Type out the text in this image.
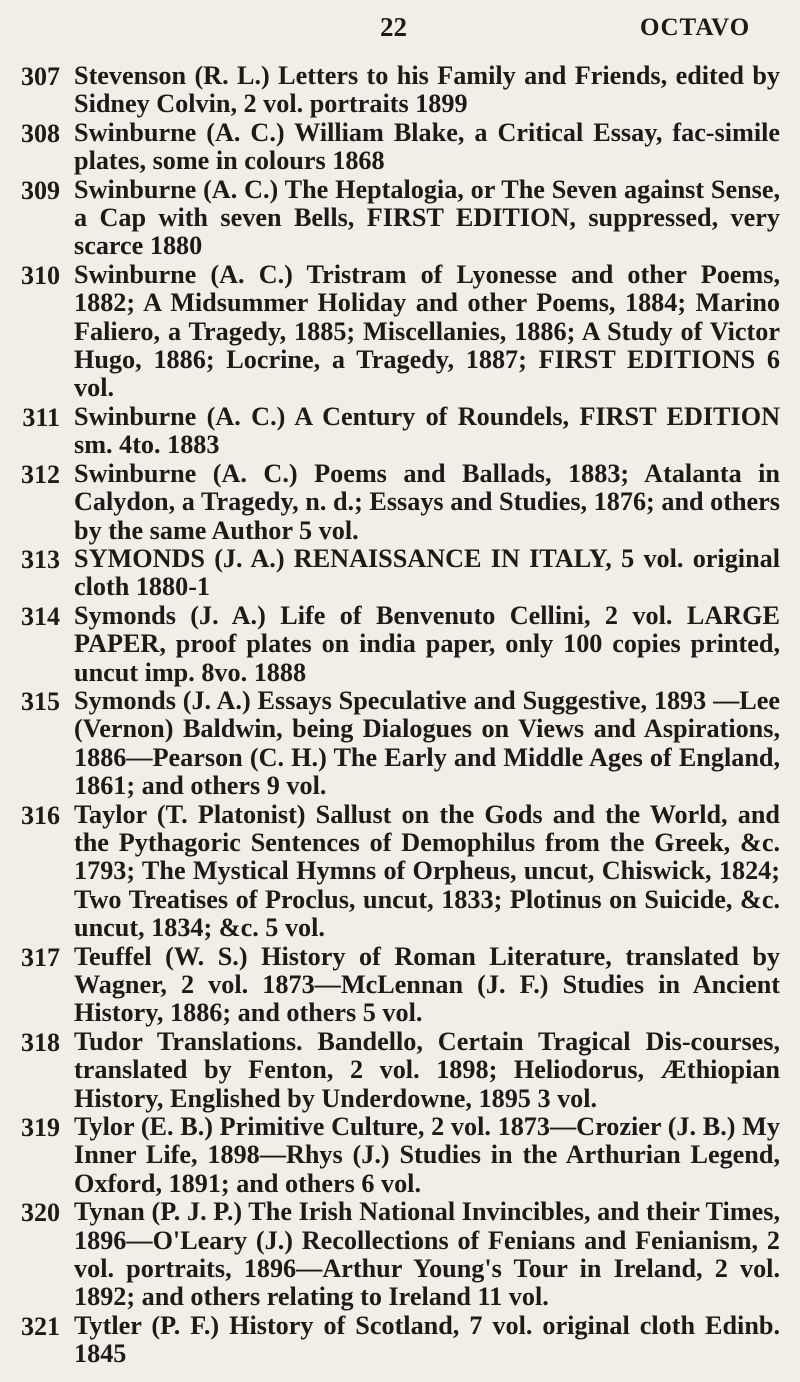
22	OCTAVO
307 Stevenson (R. L.) Letters to his Family and Friends, edited by Sidney Colvin, 2 vol. portraits 1899
308 Swinburne (A. C.) William Blake, a Critical Essay, fac-simile plates, some in colours 1868
309 Swinburne (A. C.) The Heptalogia, or The Seven against Sense, a Cap with seven Bells, FIRST EDITION, suppressed, very scarce 1880
310 Swinburne (A. C.) Tristram of Lyonesse and other Poems, 1882; A Midsummer Holiday and other Poems, 1884; Marino Faliero, a Tragedy, 1885; Miscellanies, 1886; A Study of Victor Hugo, 1886; Locrine, a Tragedy, 1887; FIRST EDITIONS 6 vol.
311 Swinburne (A. C.) A Century of Roundels, FIRST EDITION sm. 4to. 1883
312 Swinburne (A. C.) Poems and Ballads, 1883; Atalanta in Calydon, a Tragedy, n. d.; Essays and Studies, 1876; and others by the same Author 5 vol.
313 SYMONDS (J. A.) RENAISSANCE IN ITALY, 5 vol. original cloth 1880-1
314 Symonds (J. A.) Life of Benvenuto Cellini, 2 vol. LARGE PAPER, proof plates on india paper, only 100 copies printed, uncut imp. 8vo. 1888
315 Symonds (J. A.) Essays Speculative and Suggestive, 1893 —Lee (Vernon) Baldwin, being Dialogues on Views and Aspirations, 1886—Pearson (C. H.) The Early and Middle Ages of England, 1861; and others 9 vol.
316 Taylor (T. Platonist) Sallust on the Gods and the World, and the Pythagoric Sentences of Demophilus from the Greek, &c. 1793; The Mystical Hymns of Orpheus, uncut, Chiswick, 1824; Two Treatises of Proclus, uncut, 1833; Plotinus on Suicide, &c. uncut, 1834; &c. 5 vol.
317 Teuffel (W. S.) History of Roman Literature, translated by Wagner, 2 vol. 1873—McLennan (J. F.) Studies in Ancient History, 1886; and others 5 vol.
318 Tudor Translations. Bandello, Certain Tragical Dis-courses, translated by Fenton, 2 vol. 1898; Heliodorus, Æthiopian History, Englished by Underdowne, 1895 3 vol.
319 Tylor (E. B.) Primitive Culture, 2 vol. 1873—Crozier (J. B.) My Inner Life, 1898—Rhys (J.) Studies in the Arthurian Legend, Oxford, 1891; and others 6 vol.
320 Tynan (P. J. P.) The Irish National Invincibles, and their Times, 1896—O'Leary (J.) Recollections of Fenians and Fenianism, 2 vol. portraits, 1896—Arthur Young's Tour in Ireland, 2 vol. 1892; and others relating to Ireland 11 vol.
321 Tytler (P. F.) History of Scotland, 7 vol. original cloth Edinb. 1845
